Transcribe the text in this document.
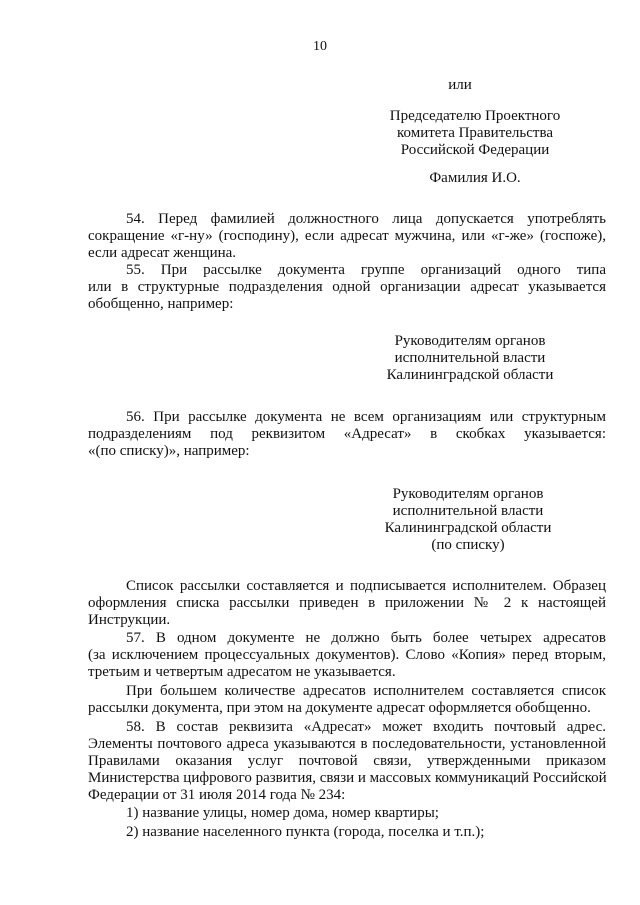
10
или
Председателю Проектного
комитета Правительства
Российской Федерации
Фамилия И.О.
54. Перед фамилией должностного лица допускается употреблять
сокращение «г-ну» (господину), если адресат мужчина, или «г-же» (госпоже),
если адресат женщина.
55. При рассылке документа группе организаций одного типа
или в структурные подразделения одной организации адресат указывается
обобщенно, например:
Руководителям органов
исполнительной власти
Калининградской области
56. При рассылке документа не всем организациям или структурным
подразделениям под реквизитом «Адресат» в скобках указывается:
«(по списку)», например:
Руководителям органов
исполнительной власти
Калининградской области
(по списку)
Список рассылки составляется и подписывается исполнителем. Образец
оформления списка рассылки приведен в приложении № 2 к настоящей
Инструкции.
57. В одном документе не должно быть более четырех адресатов
(за исключением процессуальных документов). Слово «Копия» перед вторым,
третьим и четвертым адресатом не указывается.
При большем количестве адресатов исполнителем составляется список
рассылки документа, при этом на документе адресат оформляется обобщенно.
58. В состав реквизита «Адресат» может входить почтовый адрес.
Элементы почтового адреса указываются в последовательности, установленной
Правилами оказания услуг почтовой связи, утвержденными приказом
Министерства цифрового развития, связи и массовых коммуникаций Российской
Федерации от 31 июля 2014 года № 234:
1) название улицы, номер дома, номер квартиры;
2) название населенного пункта (города, поселка и т.п.);
